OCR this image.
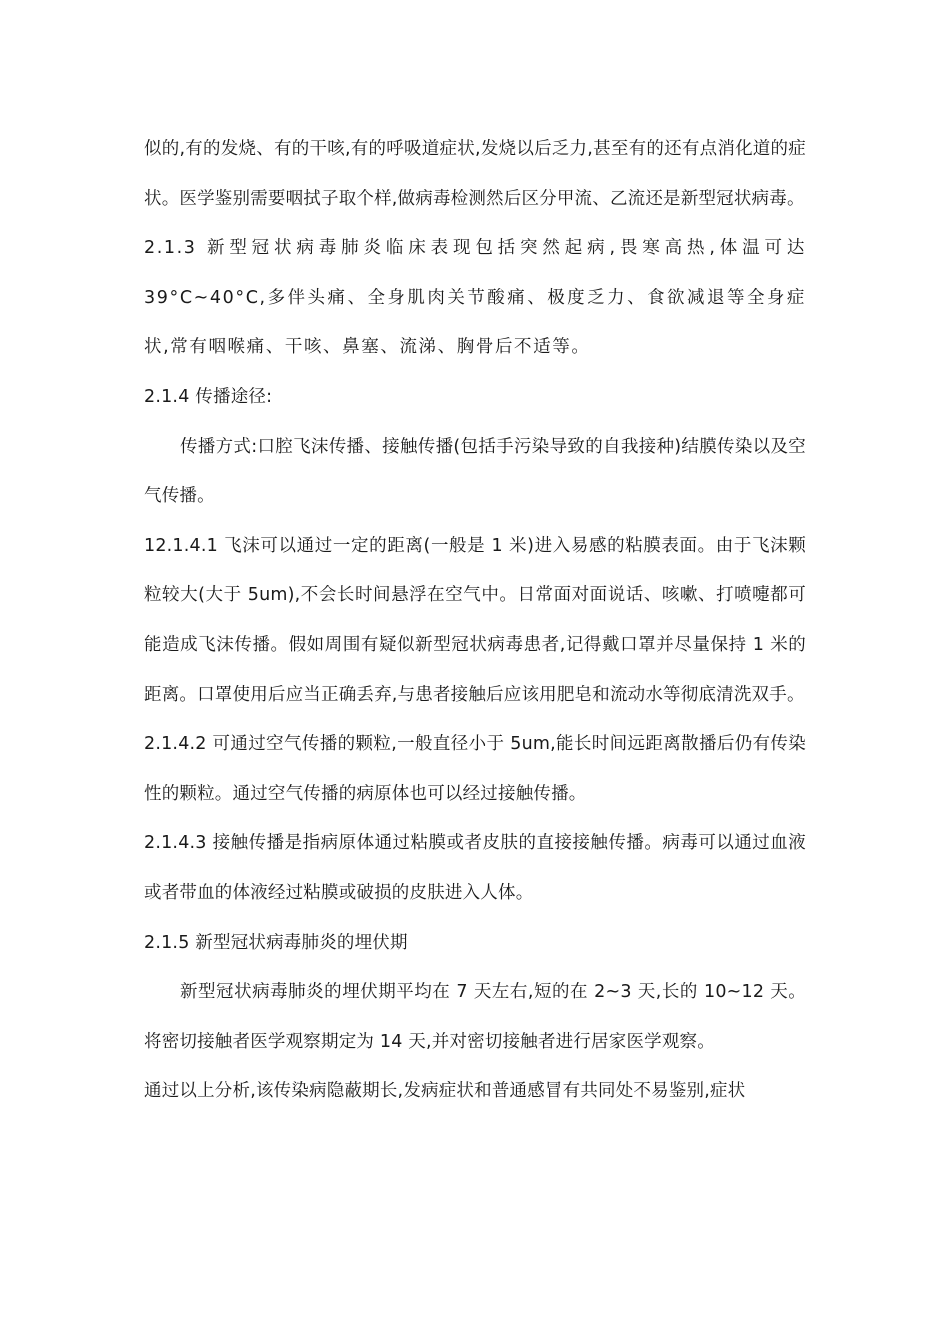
似的,有的发烧、有的干咳,有的呼吸道症状,发烧以后乏力,甚至有的还有点消化道的症状。医学鉴别需要咽拭子取个样,做病毒检测然后区分甲流、乙流还是新型冠状病毒。

2.1.3 新型冠状病毒肺炎临床表现包括突然起病,畏寒高热,体温可达39°C~40°C,多伴头痛、全身肌肉关节酸痛、极度乏力、食欲减退等全身症状,常有咽喉痛、干咳、鼻塞、流涕、胸骨后不适等。

2.1.4 传播途径:

传播方式:口腔飞沫传播、接触传播(包括手污染导致的自我接种)结膜传染以及空气传播。

12.1.4.1 飞沫可以通过一定的距离(一般是 1 米)进入易感的粘膜表面。由于飞沫颗粒较大(大于 5um),不会长时间悬浮在空气中。日常面对面说话、咳嗽、打喷嚏都可能造成飞沫传播。假如周围有疑似新型冠状病毒患者,记得戴口罩并尽量保持 1 米的距离。口罩使用后应当正确丢弃,与患者接触后应该用肥皂和流动水等彻底清洗双手。

2.1.4.2 可通过空气传播的颗粒,一般直径小于 5um,能长时间远距离散播后仍有传染性的颗粒。通过空气传播的病原体也可以经过接触传播。

2.1.4.3 接触传播是指病原体通过粘膜或者皮肤的直接接触传播。病毒可以通过血液或者带血的体液经过粘膜或破损的皮肤进入人体。

2.1.5 新型冠状病毒肺炎的埋伏期

新型冠状病毒肺炎的埋伏期平均在 7 天左右,短的在 2~3 天,长的 10~12 天。将密切接触者医学观察期定为 14 天,并对密切接触者进行居家医学观察。

通过以上分析,该传染病隐蔽期长,发病症状和普通感冒有共同处不易鉴别,症状
